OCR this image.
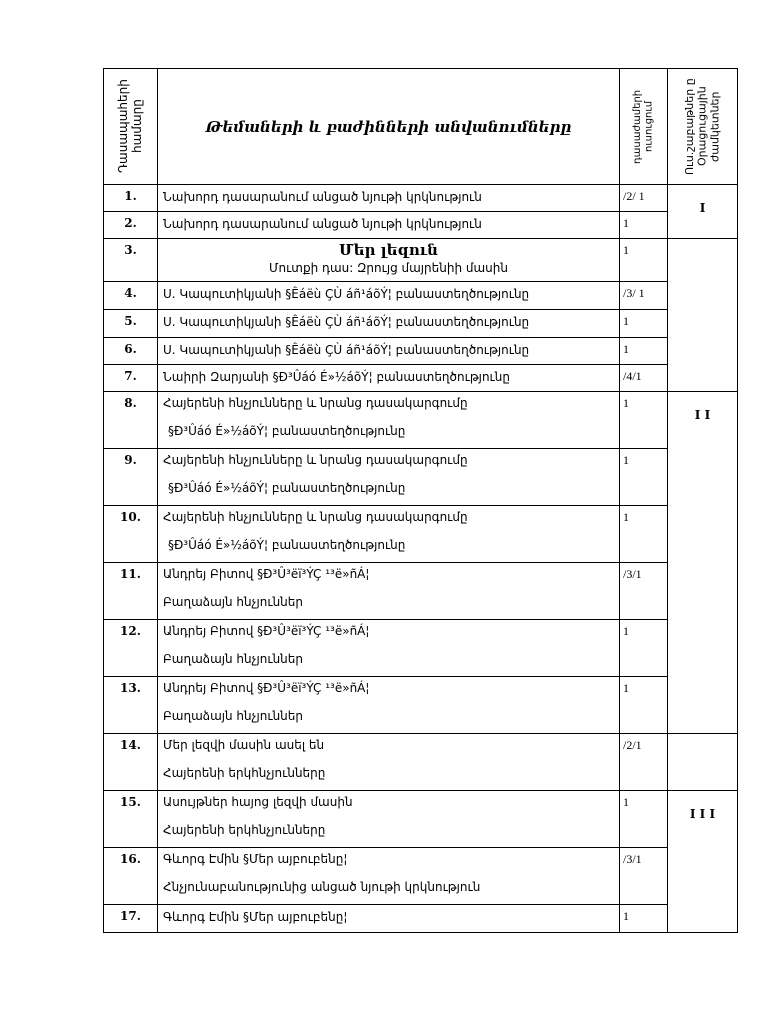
Դասապահերի համարը	Թեմաների և բաժինների անվանումները	դասաժամերի ուսուցում	Ուս.շաբաթներ ը Օրացուցային ժամկետներ

1.	Նախորդ դասարանում անցած նյութի կրկնություն	/2/ 1	I
2.	Նախորդ դասարանում անցած նյութի կրկնություն	1	
3.	Մեր լեզուն
Մուտքի դաս: Զրույց մայրենիի մասին	1	
4.	Ս. Կապուտիկյանի §Êáëù ÇÙ áñ¹áõÝ¦ բանաստեղծությունը	/3/ 1	
5.	Ս. Կապուտիկյանի §Êáëù ÇÙ áñ¹áõÝ¦ բանաստեղծությունը	1	
6.	Ս. Կապուտիկյանի §Êáëù ÇÙ áñ¹áõÝ¦ բանաստեղծությունը	1	
7.	Նաիրի Զարյանի §Ð³Ûáó É»½áõÝ¦ բանաստեղծությունը	/4/1	
8.	Հայերենի հնչյունները և նրանց դասակարգումը
§Ð³Ûáó É»½áõÝ¦ բանաստեղծությունը	1	I I
9.	Հայերենի հնչյունները և նրանց դասակարգումը
§Ð³Ûáó É»½áõÝ¦ բանաստեղծությունը	1	
10.	Հայերենի հնչյունները և նրանց դասակարգումը
§Ð³Ûáó É»½áõÝ¦ բանաստեղծությունը	1	
11.	Անդրեյ Բիտով §Ð³Û³ëï³ÝÇ ¹³ë»ñÁ¦
Բաղաձայն հնչյուններ	/3/1	
12.	Անդրեյ Բիտով §Ð³Û³ëï³ÝÇ ¹³ë»ñÁ¦
Բաղաձայն հնչյուններ	1	
13.	Անդրեյ Բիտով §Ð³Û³ëï³ÝÇ ¹³ë»ñÁ¦
Բաղաձայն հնչյուններ	1	
14.	Մեր լեզվի մասին ասել են
Հայերենի երկհնչյունները	/2/1	
15.	Ասույթներ հայոց լեզվի մասին
Հայերենի երկհնչյունները	1	I I I
16.	Գևորգ Էմին §Մեր այբուբենը¦
Հնչյունաբանությունից անցած նյութի կրկնություն	/3/1	
17.	Գևորգ Էմին §Մեր այբուբենը¦	1	
